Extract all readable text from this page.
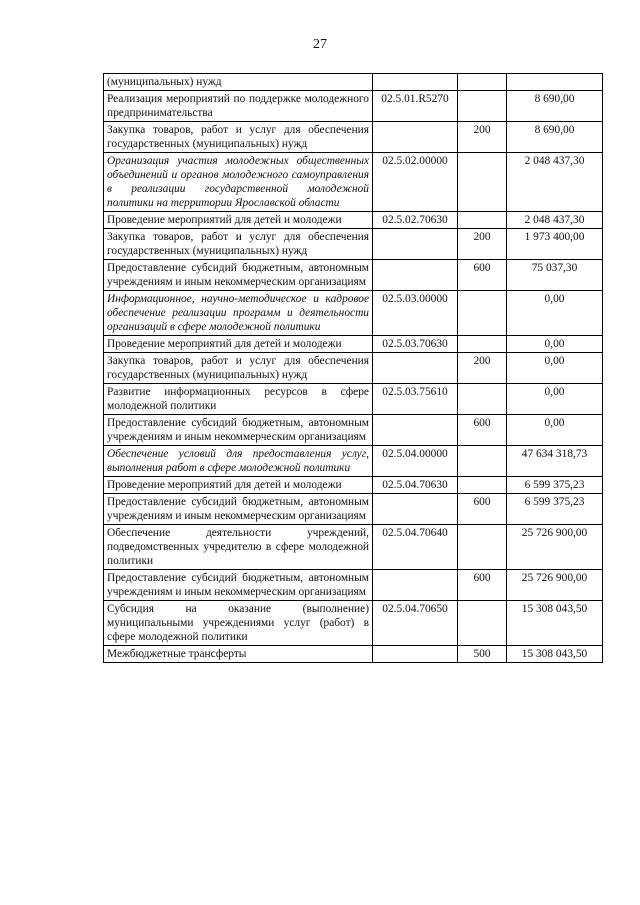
27
(муниципальных) нужд			
Реализация мероприятий по поддержке молодежного предпринимательства	02.5.01.R5270		8 690,00
Закупка товаров, работ и услуг для обеспечения государственных (муниципальных) нужд		200	8 690,00
Организация участия молодежных общественных объединений и органов молодежного самоуправления в реализации государственной молодежной политики на территории Ярославской области	02.5.02.00000		2 048 437,30
Проведение мероприятий для детей и молодежи	02.5.02.70630		2 048 437,30
Закупка товаров, работ и услуг для обеспечения государственных (муниципальных) нужд		200	1 973 400,00
Предоставление субсидий бюджетным, автономным учреждениям и иным некоммерческим организациям		600	75 037,30
Информационное, научно-методическое и кадровое обеспечение реализации программ и деятельности организаций в сфере молодежной политики	02.5.03.00000		0,00
Проведение мероприятий для детей и молодежи	02.5.03.70630		0,00
Закупка товаров, работ и услуг для обеспечения государственных (муниципальных) нужд		200	0,00
Развитие информационных ресурсов в сфере молодежной политики	02.5.03.75610		0,00
Предоставление субсидий бюджетным, автономным учреждениям и иным некоммерческим организациям		600	0,00
Обеспечение условий для предоставления услуг, выполнения работ в сфере молодежной политики	02.5.04.00000		47 634 318,73
Проведение мероприятий для детей и молодежи	02.5.04.70630		6 599 375,23
Предоставление субсидий бюджетным, автономным учреждениям и иным некоммерческим организациям		600	6 599 375,23
Обеспечение деятельности учреждений, подведомственных учредителю в сфере молодежной политики	02.5.04.70640		25 726 900,00
Предоставление субсидий бюджетным, автономным учреждениям и иным некоммерческим организациям		600	25 726 900,00
Субсидия на оказание (выполнение) муниципальными учреждениями услуг (работ) в сфере молодежной политики	02.5.04.70650		15 308 043,50
Межбюджетные трансферты		500	15 308 043,50
